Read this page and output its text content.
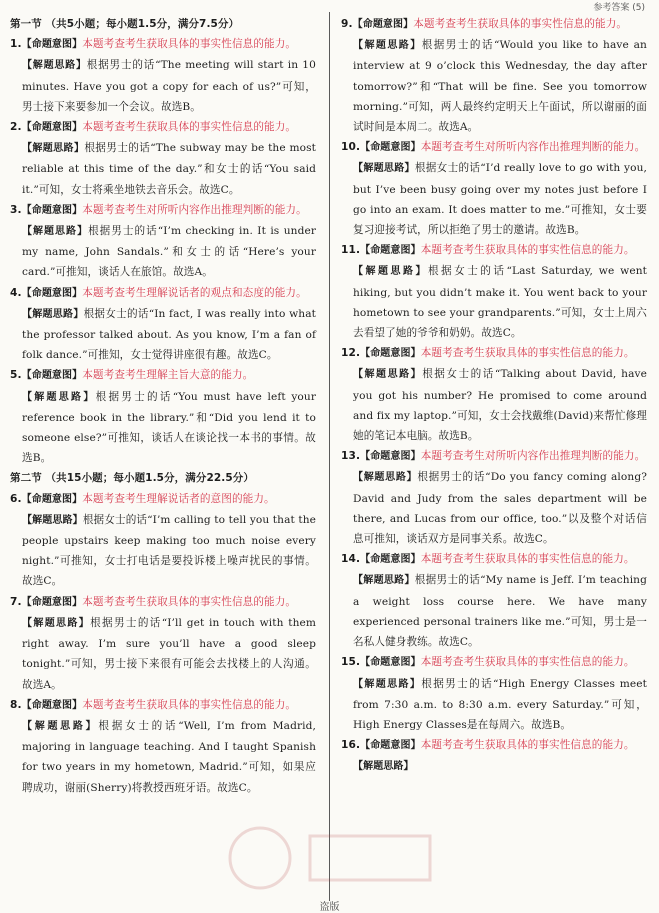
参考答案 (5)
第一节 （共5小题；每小题1.5分，满分7.5分）

1.【命题意图】本题考查考生获取具体的事实性信息的能力。

【解题思路】根据男士的话“The meeting will start in 10 minutes. Have you got a copy for each of us?”可知，男士接下来要参加一个会议。故选B。

2.【命题意图】本题考查考生获取具体的事实性信息的能力。

【解题思路】根据男士的话“The subway may be the most reliable at this time of the day.”和女士的话“You said it.”可知，女士将乘坐地铁去音乐会。故选C。

3.【命题意图】本题考查考生对所听内容作出推理判断的能力。

【解题思路】根据男士的话“I’m checking in. It is under my name, John Sandals.”和女士的话“Here’s your card.”可推知，谈话人在旅馆。故选A。

4.【命题意图】本题考查考生理解说话者的观点和态度的能力。

【解题思路】根据女士的话“In fact, I was really into what the professor talked about. As you know, I’m a fan of folk dance.”可推知，女士觉得讲座很有趣。故选C。

5.【命题意图】本题考查考生理解主旨大意的能力。

【解题思路】根据男士的话“You must have left your reference book in the library.”和“Did you lend it to someone else?”可推知，谈话人在谈论找一本书的事情。故选B。

第二节 （共15小题；每小题1.5分，满分22.5分）

6.【命题意图】本题考查考生理解说话者的意图的能力。

【解题思路】根据女士的话“I’m calling to tell you that the people upstairs keep making too much noise every night.”可推知，女士打电话是要投诉楼上噪声扰民的事情。故选C。

7.【命题意图】本题考查考生获取具体的事实性信息的能力。

【解题思路】根据男士的话“I’ll get in touch with them right away. I’m sure you’ll have a good sleep tonight.”可知，男士接下来很有可能会去找楼上的人沟通。故选A。

8.【命题意图】本题考查考生获取具体的事实性信息的能力。

【解题思路】根据女士的话“Well, I’m from Madrid, majoring in language teaching. And I taught Spanish for two years in my hometown, Madrid.”可知，如果应聘成功，谢丽(Sherry)将教授西班牙语。故选C。

9.【命题意图】本题考查考生获取具体的事实性信息的能力。

【解题思路】根据男士的话“Would you like to have an interview at 9 o’clock this Wednesday, the day after tomorrow?”和“That will be fine. See you tomorrow morning.”可知，两人最终约定明天上午面试，所以谢丽的面试时间是本周二。故选A。

10.【命题意图】本题考查考生对所听内容作出推理判断的能力。

【解题思路】根据女士的话“I’d really love to go with you, but I’ve been busy going over my notes just before I go into an exam. It does matter to me.”可推知，女士要复习迎接考试，所以拒绝了男士的邀请。故选B。

11.【命题意图】本题考查考生获取具体的事实性信息的能力。

【解题思路】根据女士的话“Last Saturday, we went hiking, but you didn’t make it. You went back to your hometown to see your grandparents.”可知，女士上周六去看望了她的爷爷和奶奶。故选C。

12.【命题意图】本题考查考生获取具体的事实性信息的能力。

【解题思路】根据女士的话“Talking about David, have you got his number? He promised to come around and fix my laptop.”可知，女士会找戴维(David)来帮忙修理她的笔记本电脑。故选B。

13.【命题意图】本题考查考生对所听内容作出推理判断的能力。

【解题思路】根据男士的话“Do you fancy coming along? David and Judy from the sales department will be there, and Lucas from our office, too.”以及整个对话信息可推知，谈话双方是同事关系。故选C。

14.【命题意图】本题考查考生获取具体的事实性信息的能力。

【解题思路】根据男士的话“My name is Jeff. I’m teaching a weight loss course here. We have many experienced personal trainers like me.”可知，男士是一名私人健身教练。故选C。

15.【命题意图】本题考查考生获取具体的事实性信息的能力。

【解题思路】根据男士的话“High Energy Classes meet from 7:30 a.m. to 8:30 a.m. every Saturday.”可知，High Energy Classes是在每周六。故选B。

16.【命题意图】本题考查考生获取具体的事实性信息的能力。

【解题思路】

盗版
